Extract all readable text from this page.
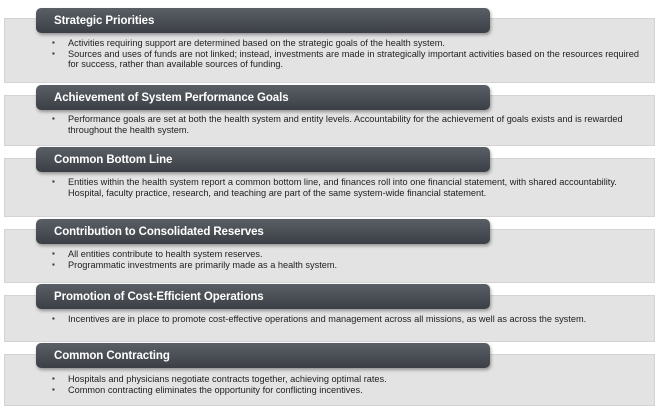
Strategic Priorities
▪ Activities requiring support are determined based on the strategic goals of the health system.
▪ Sources and uses of funds are not linked; instead, investments are made in strategically important activities based on the resources required for success, rather than available sources of funding.
Achievement of System Performance Goals
▪ Performance goals are set at both the health system and entity levels. Accountability for the achievement of goals exists and is rewarded throughout the health system.
Common Bottom Line
▪ Entities within the health system report a common bottom line, and finances roll into one financial statement, with shared accountability. Hospital, faculty practice, research, and teaching are part of the same system-wide financial statement.
Contribution to Consolidated Reserves
▪ All entities contribute to health system reserves.
▪ Programmatic investments are primarily made as a health system.
Promotion of Cost-Efficient Operations
▪ Incentives are in place to promote cost-effective operations and management across all missions, as well as across the system.
Common Contracting
▪ Hospitals and physicians negotiate contracts together, achieving optimal rates.
▪ Common contracting eliminates the opportunity for conflicting incentives.
